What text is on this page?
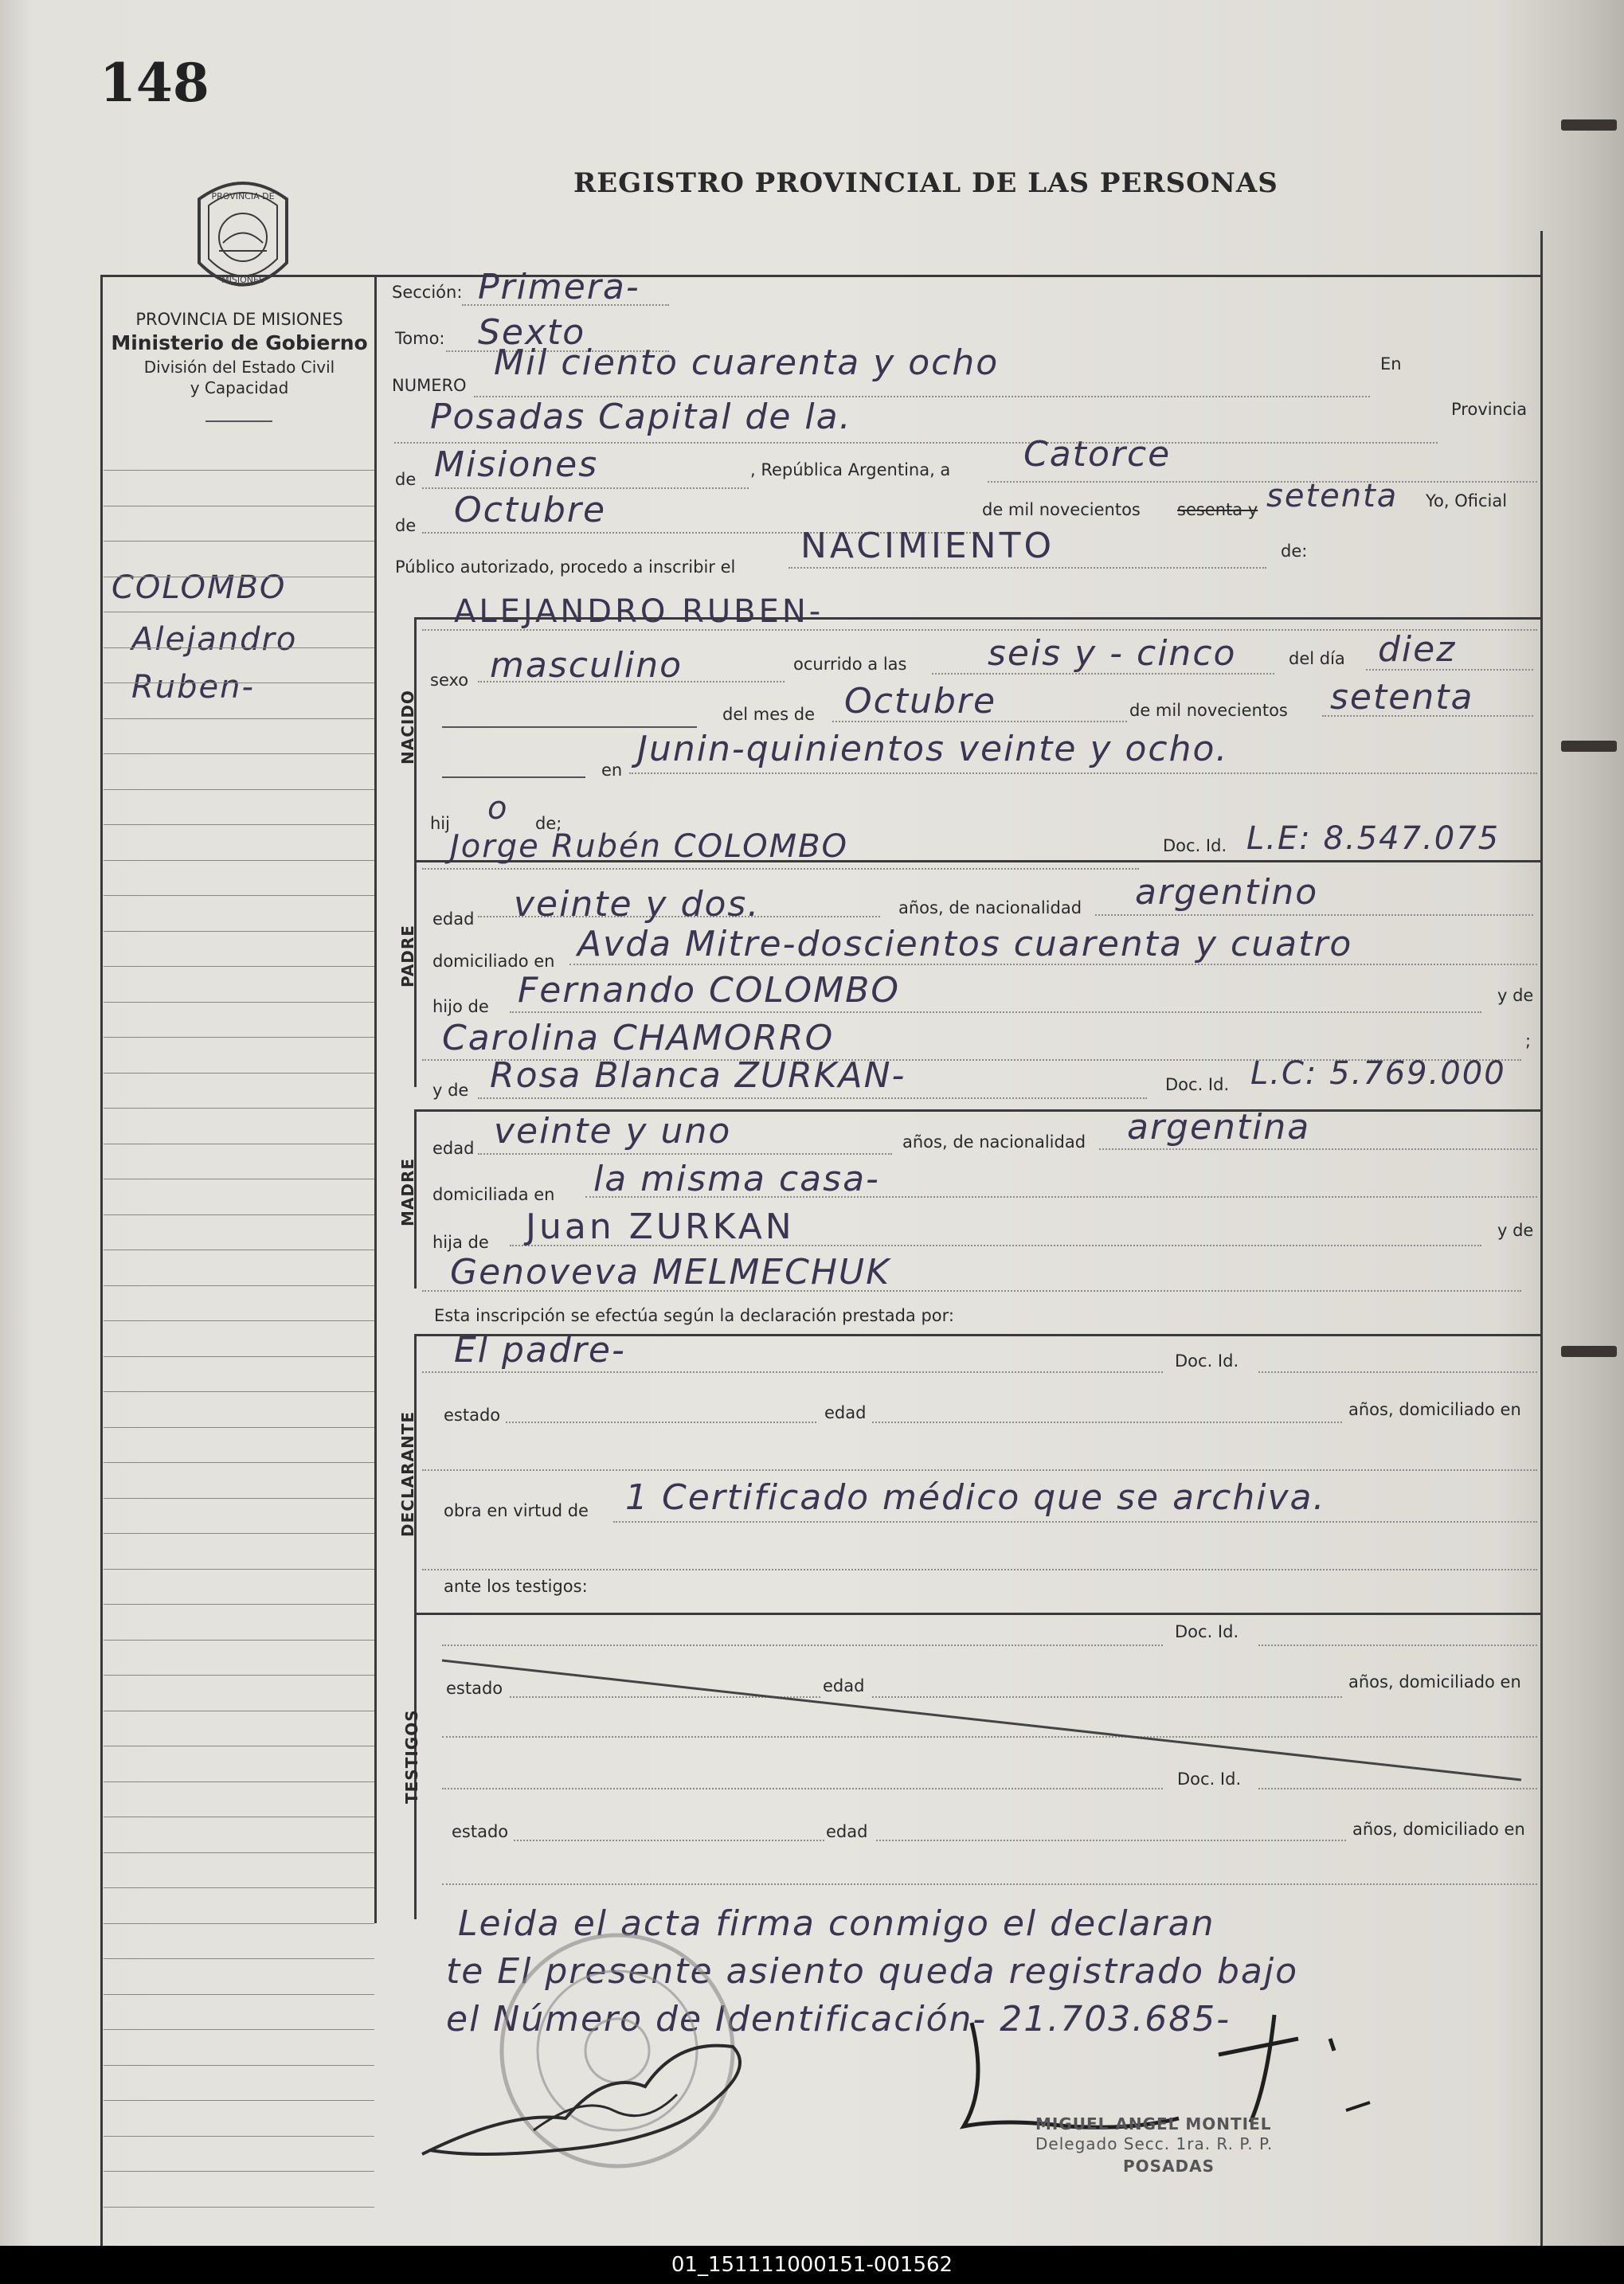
148
PROVINCIA DE
MISIONES
REGISTRO PROVINCIAL DE LAS PERSONAS
PROVINCIA DE MISIONES
Ministerio de Gobierno
División del Estado Civil
y Capacidad
COLOMBO
Alejandro
Ruben-
Sección: Primera-
Tomo: Sexto
NUMERO
Mil ciento cuarenta y ocho	En
Posadas Capital de la.	Provincia
de Misiones	, República Argentina, a Catorce
de Octubre	de mil novecientos sesenta y setenta Yo, Oficial
Público autorizado, procedo a inscribir el
NACIMIENTO	de:
NACIDO
ALEJANDRO RUBEN-
sexo masculino	ocurrido a las seis y - cinco	del día diez
del mes de Octubre	de mil novecientos setenta
en
Junin-quinientos veinte y ocho.
hij o de;
PADRE
Jorge Rubén COLOMBO	Doc. Id. L.E: 8.547.075
edad veinte y dos.	años, de nacionalidad argentino
domiciliado en Avda Mitre-doscientos cuarenta y cuatro
hijo de Fernando COLOMBO	y de
Carolina CHAMORRO	;
y de Rosa Blanca ZURKAN-	Doc. Id. L.C: 5.769.000
MADRE
edad veinte y uno	años, de nacionalidad argentina
domiciliada en la misma casa-
hija de Juan ZURKAN	y de
Genoveva MELMECHUK
Esta inscripción se efectúa según la declaración prestada por:
DECLARANTE
El padre-	Doc. Id.
estado	edad	años, domiciliado en
obra en virtud de 1 Certificado médico que se archiva.
ante los testigos:
TESTIGOS
Doc. Id.
estado	edad	años, domiciliado en
Doc. Id.
estado	edad	años, domiciliado en
Leida el acta firma conmigo el declaran
te El presente asiento queda registrado bajo
el Número de Identificación- 21.703.685-
MIGUEL ANGEL MONTIEL
Delegado Secc. 1ra. R. P. P.
POSADAS
01_151111000151-001562
